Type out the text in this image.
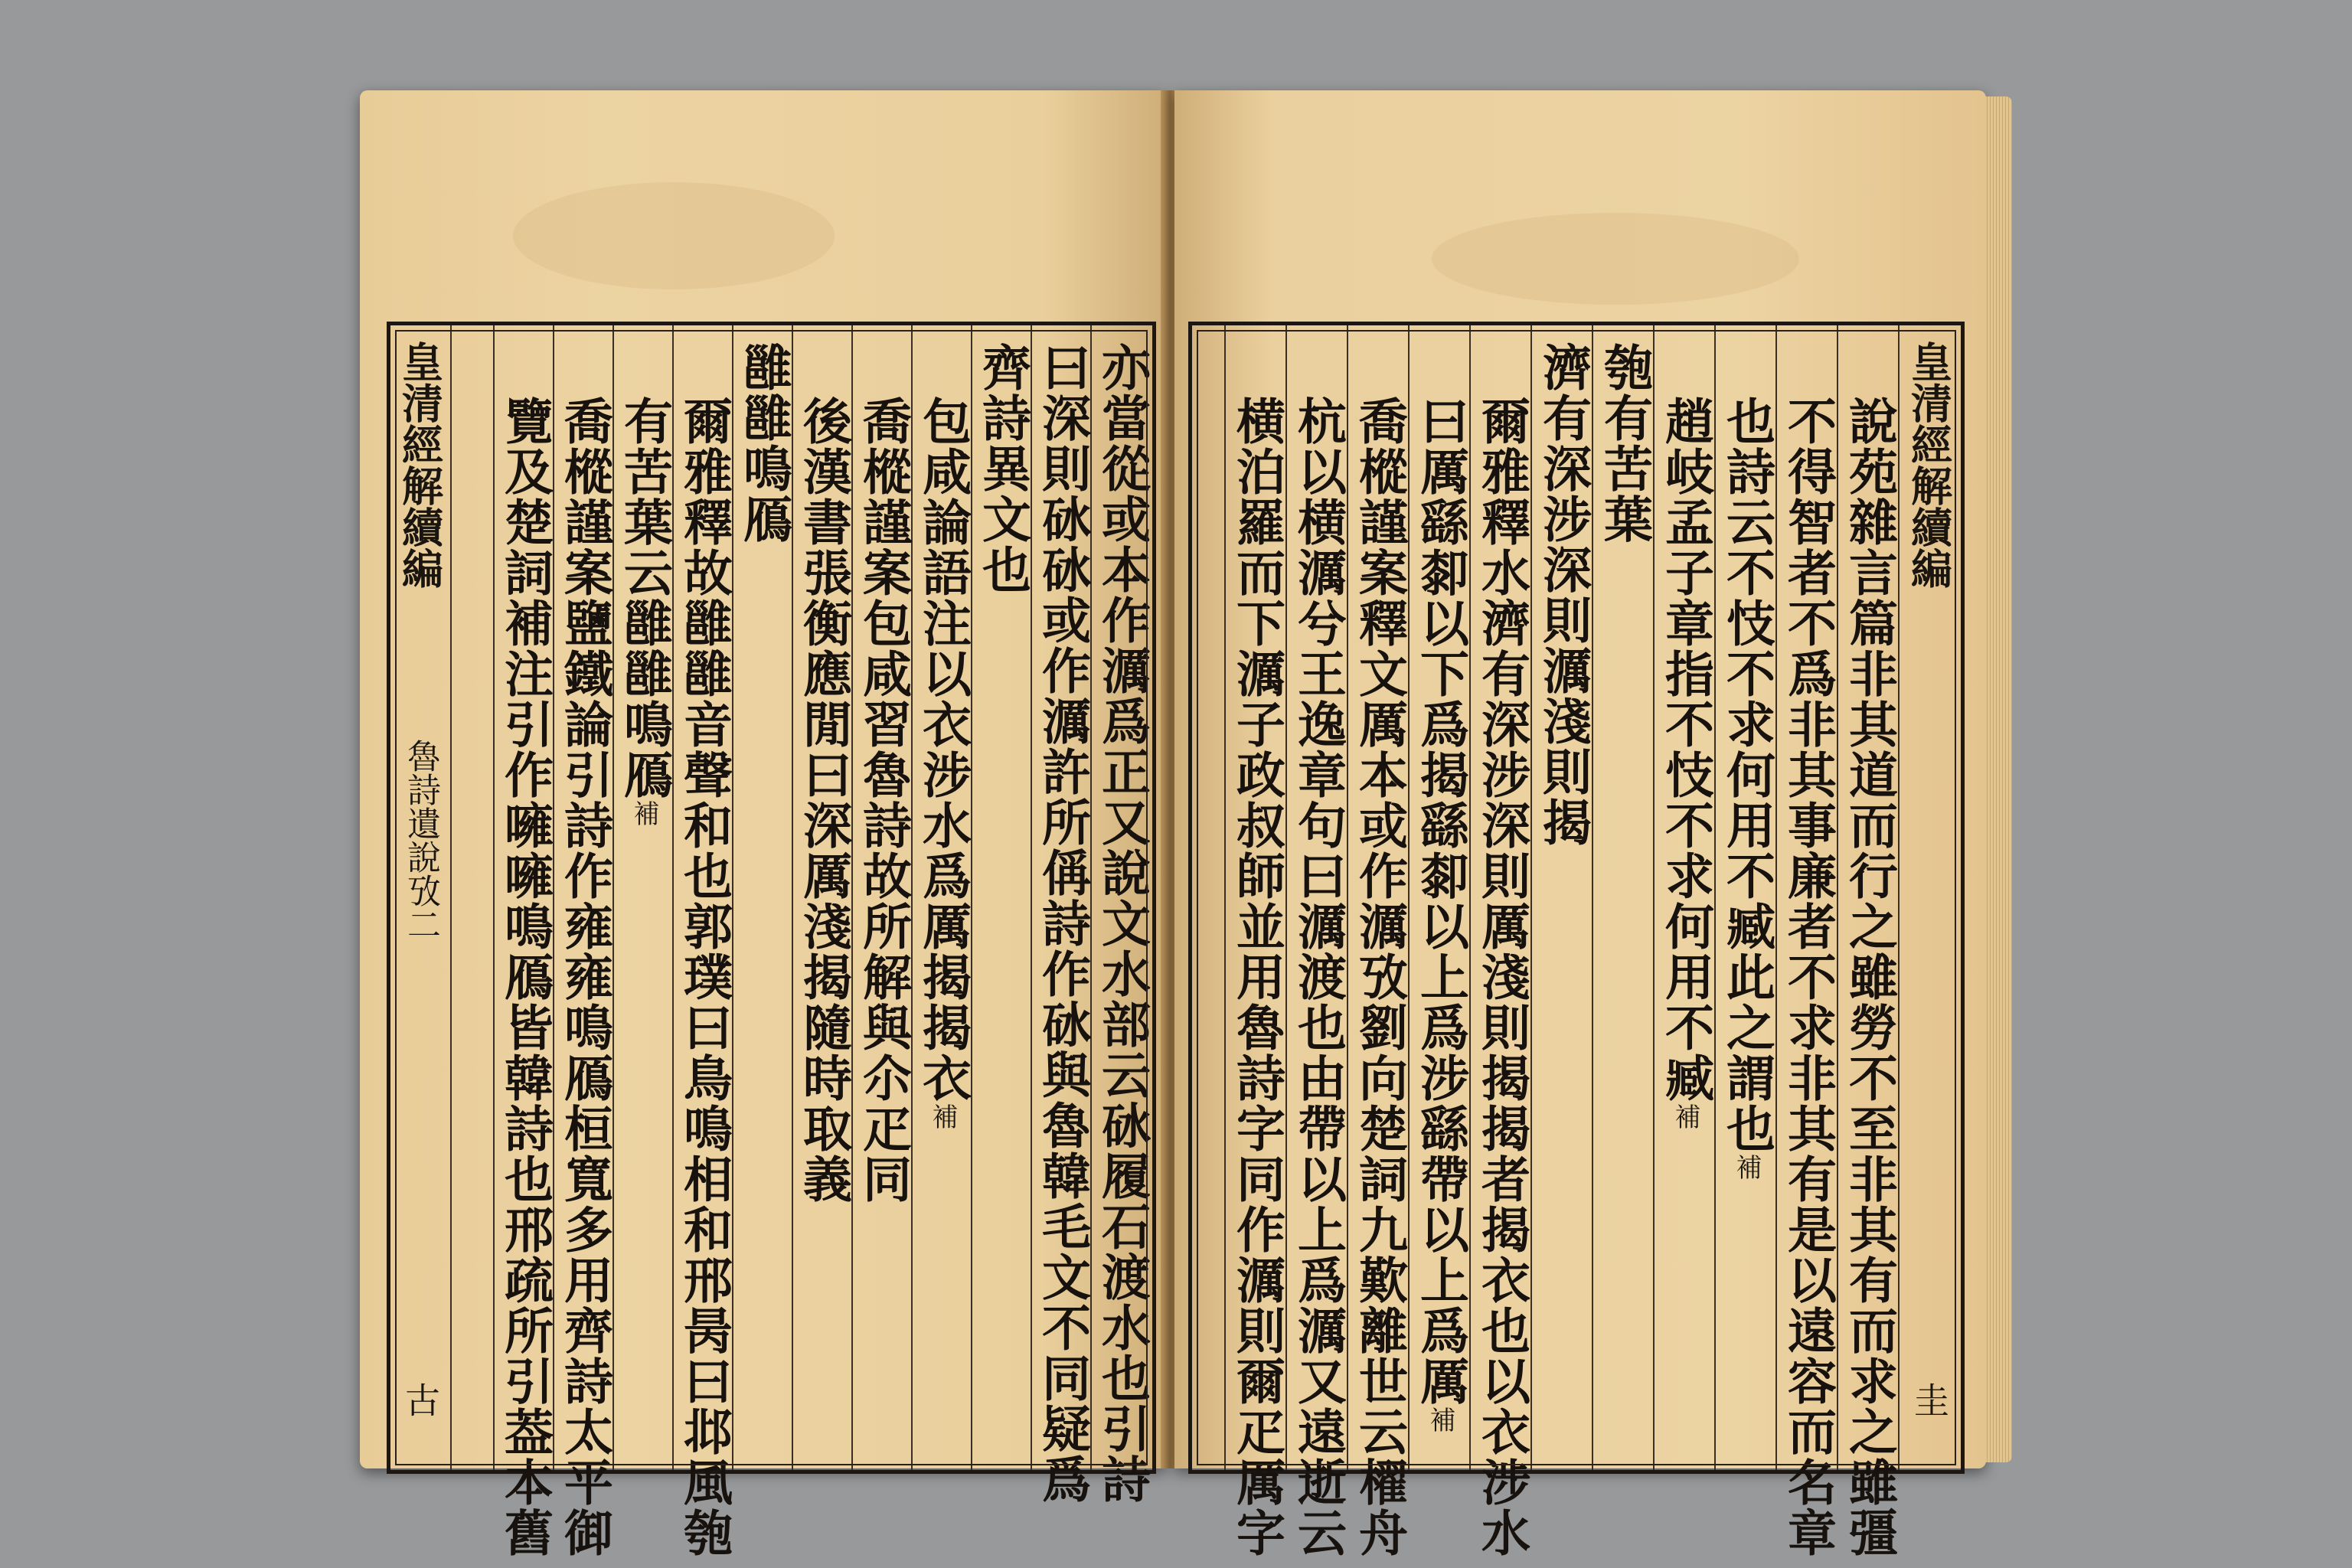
皇清經解續編
魯詩遺說攷二
古	亦當從或本作濿爲正又說文水部云砅履石渡水也引詩
曰深則砅砅或作濿許所偁詩作砅與魯韓毛文不同疑爲
齊詩異文也
包咸論語注以衣涉水爲厲揭揭衣補
喬樅謹案包咸習魯詩故所解與尒疋同
後漢書張衡應閒曰深厲淺揭隨時取義
雝雝鳴鴈
爾雅釋故雝雝音聲和也郭璞曰鳥鳴相和邢昺曰邶風匏
有苦葉云雝雝鳴鴈補
喬樅謹案鹽鐵論引詩作雍雍鳴鴈桓寬多用齊詩太平御
覽及楚詞補注引作噰噰鳴鴈皆韓詩也邢疏所引葢本舊	皇清經解續編
圭
說苑雜言篇非其道而行之雖勞不至非其有而求之雖彊
不得智者不爲非其事廉者不求非其有是以遠容而名章
也詩云不忮不求何用不臧此之謂也補
趙岐孟子章指不忮不求何用不臧補
匏有苦葉
濟有深涉深則濿淺則揭
爾雅釋水濟有深涉深則厲淺則揭揭者揭衣也以衣涉水
曰厲繇厀以下爲揭繇厀以上爲涉繇帶以上爲厲補
喬樅謹案釋文厲本或作濿攷劉向楚詞九歎離世云櫂舟
杭以横濿兮王逸章句曰濿渡也由帶以上爲濿又遠逝云
横泊羅而下濿子政叔師並用魯詩字同作濿則爾疋厲字
